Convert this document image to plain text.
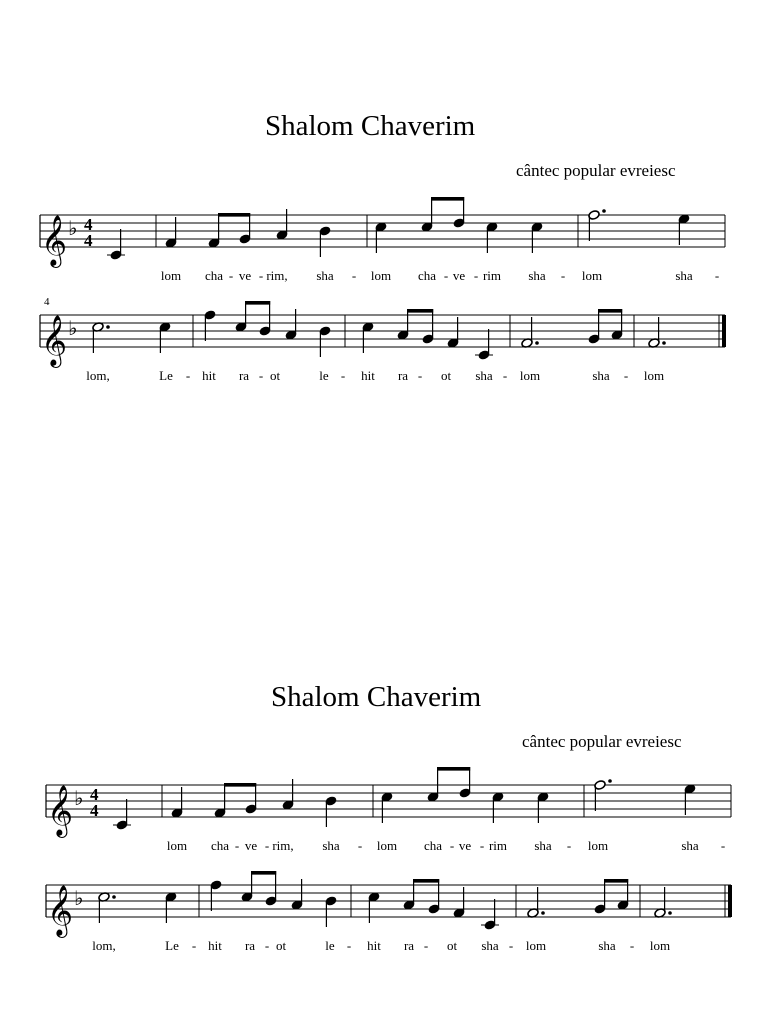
Shalom Chaverim
cântec popular evreiesc
𝄞 ♭ 4
4
lom cha - ve - rim, sha - lom cha - ve - rim sha - lom	sha -
4
𝄞 ♭
lom,	Le - hit ra - ot	le - hit ra - ot sha - lom	sha - lom
Shalom Chaverim
cântec popular evreiesc
𝄞 ♭ 4
4
lom cha - ve - rim, sha - lom cha - ve - rim sha - lom	sha -
𝄞 ♭
lom,	Le - hit ra - ot	le - hit ra - ot sha - lom	sha - lom
